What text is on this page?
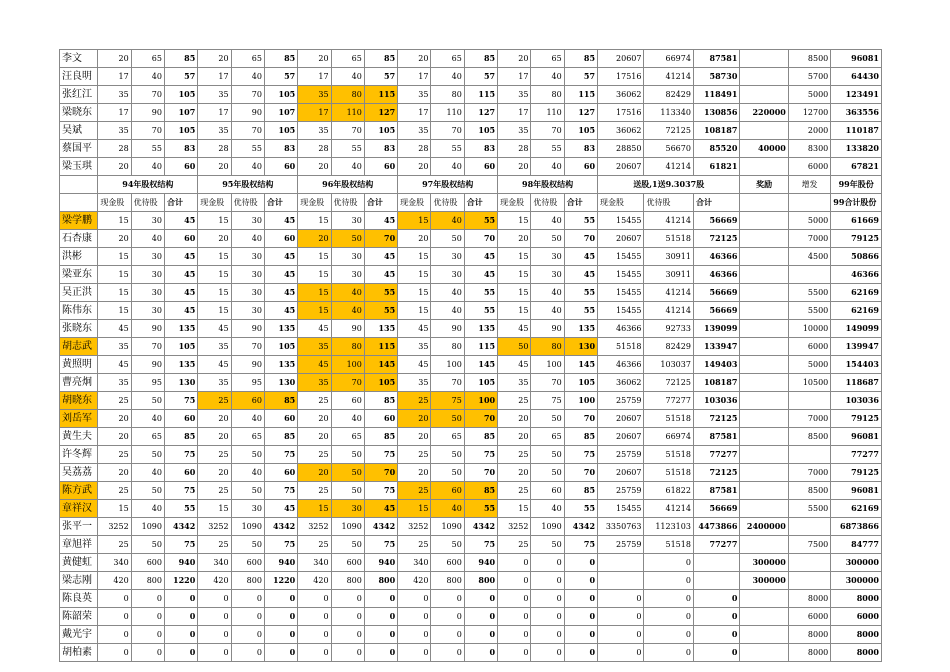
李文	20	65	85	20	65	85	20	65	85	20	65	85	20	65	85	20607	66974	87581		8500	96081
汪良明	17	40	57	17	40	57	17	40	57	17	40	57	17	40	57	17516	41214	58730		5700	64430
张红江	35	70	105	35	70	105	35	80	115	35	80	115	35	80	115	36062	82429	118491		5000	123491
梁晓东	17	90	107	17	90	107	17	110	127	17	110	127	17	110	127	17516	113340	130856	220000	12700	363556
吴斌	35	70	105	35	70	105	35	70	105	35	70	105	35	70	105	36062	72125	108187		2000	110187
蔡国平	28	55	83	28	55	83	28	55	83	28	55	83	28	55	83	28850	56670	85520	40000	8300	133820
梁玉琪	20	40	60	20	40	60	20	40	60	20	40	60	20	40	60	20607	41214	61821		6000	67821
	94年股权结构			95年股权结构			96年股权结构			97年股权结构			98年股权结构			送股,1送9.3037股			奖励	增发	99年股份
	现金股	优待股	合计	现金股	优待股	合计	现金股	优待股	合计	现金股	优待股	合计	现金股	优待股	合计	现金股	优待股	合计			99合计股份
梁学鹏	15	30	45	15	30	45	15	30	45	15	40	55	15	40	55	15455	41214	56669		5000	61669
石杏康	20	40	60	20	40	60	20	50	70	20	50	70	20	50	70	20607	51518	72125		7000	79125
洪彬	15	30	45	15	30	45	15	30	45	15	30	45	15	30	45	15455	30911	46366		4500	50866
梁亚东	15	30	45	15	30	45	15	30	45	15	30	45	15	30	45	15455	30911	46366			46366
吴正洪	15	30	45	15	30	45	15	40	55	15	40	55	15	40	55	15455	41214	56669		5500	62169
陈伟东	15	30	45	15	30	45	15	40	55	15	40	55	15	40	55	15455	41214	56669		5500	62169
张晓东	45	90	135	45	90	135	45	90	135	45	90	135	45	90	135	46366	92733	139099		10000	149099
胡志武	35	70	105	35	70	105	35	80	115	35	80	115	50	80	130	51518	82429	133947		6000	139947
黄照明	45	90	135	45	90	135	45	100	145	45	100	145	45	100	145	46366	103037	149403		5000	154403
曹亮炯	35	95	130	35	95	130	35	70	105	35	70	105	35	70	105	36062	72125	108187		10500	118687
胡晓东	25	50	75	25	60	85	25	60	85	25	75	100	25	75	100	25759	77277	103036			103036
刘岳军	20	40	60	20	40	60	20	40	60	20	50	70	20	50	70	20607	51518	72125		7000	79125
黄生夫	20	65	85	20	65	85	20	65	85	20	65	85	20	65	85	20607	66974	87581		8500	96081
许冬辉	25	50	75	25	50	75	25	50	75	25	50	75	25	50	75	25759	51518	77277			77277
吴荔荔	20	40	60	20	40	60	20	50	70	20	50	70	20	50	70	20607	51518	72125		7000	79125
陈方武	25	50	75	25	50	75	25	50	75	25	60	85	25	60	85	25759	61822	87581		8500	96081
章祥汉	15	40	55	15	30	45	15	30	45	15	40	55	15	40	55	15455	41214	56669		5500	62169
张平一	3252	1090	4342	3252	1090	4342	3252	1090	4342	3252	1090	4342	3252	1090	4342	3350763	1123103	4473866	2400000		6873866
章旭祥	25	50	75	25	50	75	25	50	75	25	50	75	25	50	75	25759	51518	77277		7500	84777
黄健虹	340	600	940	340	600	940	340	600	940	340	600	940	0	0	0		0		300000		300000
梁志刚	420	800	1220	420	800	1220	420	800	800	420	800	800	0	0	0		0		300000		300000
陈良英	0	0	0	0	0	0	0	0	0	0	0	0	0	0	0	0	0	0		8000	8000
陈韶荣	0	0	0	0	0	0	0	0	0	0	0	0	0	0	0	0	0	0		6000	6000
戴光宇	0	0	0	0	0	0	0	0	0	0	0	0	0	0	0	0	0	0		8000	8000
胡柏素	0	0	0	0	0	0	0	0	0	0	0	0	0	0	0	0	0	0		8000	8000
